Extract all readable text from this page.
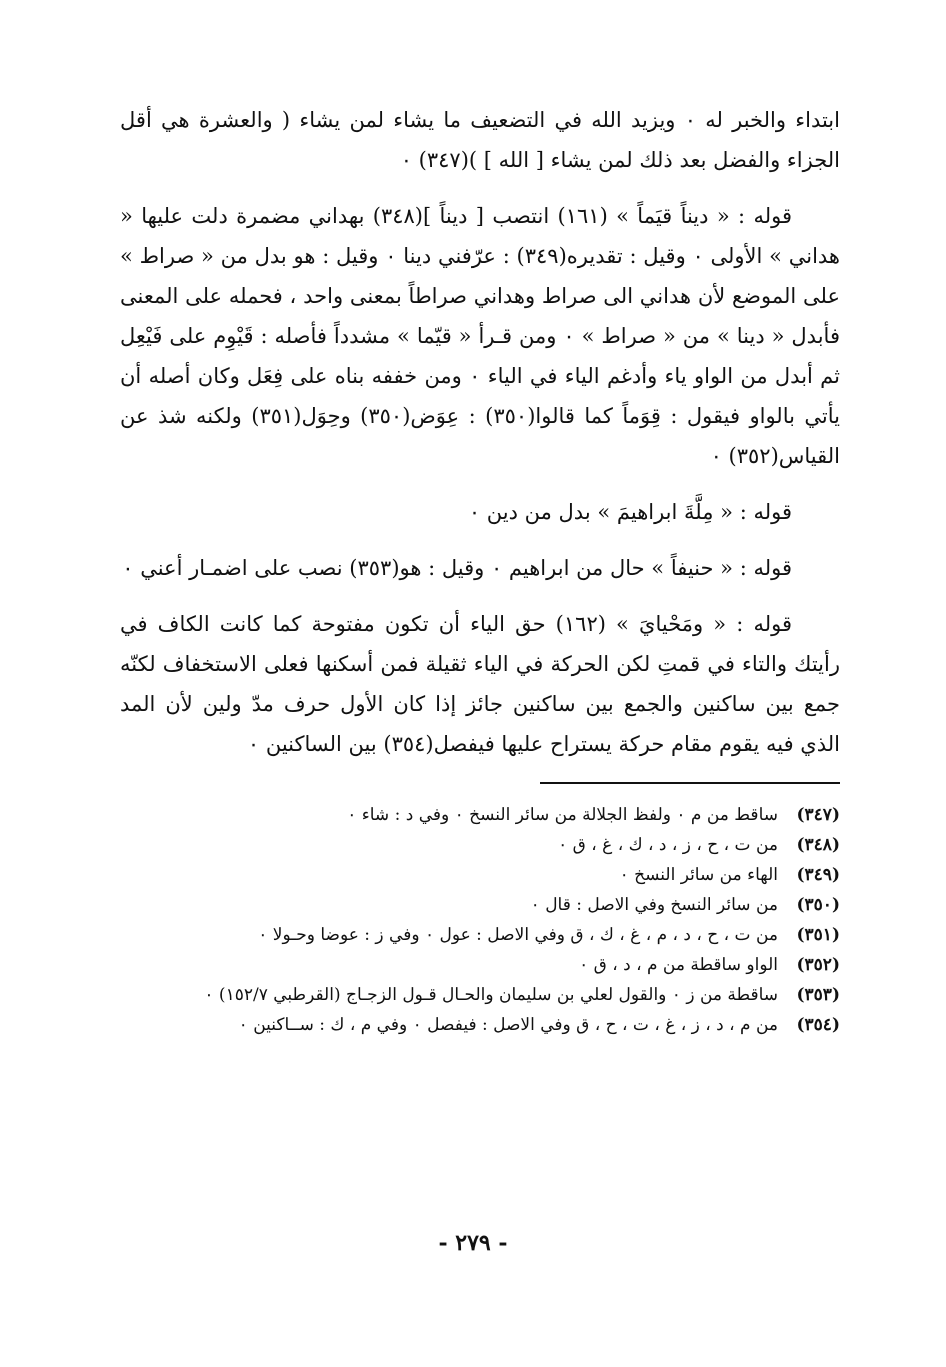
ابتداء والخبر له ٠ ويزيد الله في التضعيف ما يشاء لمن يشاء ( والعشرة هي أقل الجزاء والفضل بعد ذلك لمن يشاء [ الله ] )(٣٤٧) ٠

قوله : « ديناً قيَماً » (١٦١) انتصب [ ديناً ](٣٤٨) بهداني مضمرة دلت عليها « هداني » الأولى ٠ وقيل : تقديره(٣٤٩) : عرّفني دينا ٠ وقيل : هو بدل من « صراط » على الموضع لأن هداني الى صراط وهداني صراطاً بمعنى واحد ، فحمله على المعنى فأبدل « دينا » من « صراط » ٠ ومن قـرأ « قيّما » مشدداً فأصله : قَيْوِم على فَيْعِل ثم أبدل من الواو ياء وأدغم الياء في الياء ٠ ومن خففه بناه على فِعَل وكان أصله أن يأتي بالواو فيقول : قِوَماً كما قالوا(٣٥٠) : عِوَض(٣٥٠) وحِوَل(٣٥١) ولكنه شذ عن القياس(٣٥٢) ٠

قوله : « مِلَّةَ ابراهيمَ » بدل من دين ٠

قوله : « حنيفاً » حال من ابراهيم ٠ وقيل : هو(٣٥٣) نصب على اضمـار أعني ٠

قوله : « ومَحْيايَ » (١٦٢) حق الياء أن تكون مفتوحة كما كانت الكاف في رأيتك والتاء في قمتِ لكن الحركة في الياء ثقيلة فمن أسكنها فعلى الاستخفاف لكنّه جمع بين ساكنين والجمع بين ساكنين جائز إذا كان الأول حرف مدّ ولين لأن المد الذي فيه يقوم مقام حركة يستراح عليها فيفصل(٣٥٤) بين الساكنين ٠

(٣٤٧)
ساقط من م ٠ ولفظ الجلالة من سائر النسخ ٠ وفي د : شاء ٠
(٣٤٨)
من ت ، ح ، ز ، د ، ك ، غ ، ق ٠
(٣٤٩)
الهاء من سائر النسخ ٠
(٣٥٠)
من سائر النسخ وفي الاصل : قال ٠
(٣٥١)
من ت ، ح ، د ، م ، غ ، ك ، ق وفي الاصل : عول ٠ وفي ز : عوضا وحـولا ٠
(٣٥٢)
الواو ساقطة من م ، د ، ق ٠
(٣٥٣)
ساقطة من ز ٠ والقول لعلي بن سليمان والحـال قـول الزجـاج (القرطبي ١٥٢/٧) ٠
(٣٥٤)
من م ، د ، ز ، غ ، ت ، ح ، ق وفي الاصل : فيفصل ٠ وفي م ، ك : ســاكنين ٠
- ٢٧٩ -
